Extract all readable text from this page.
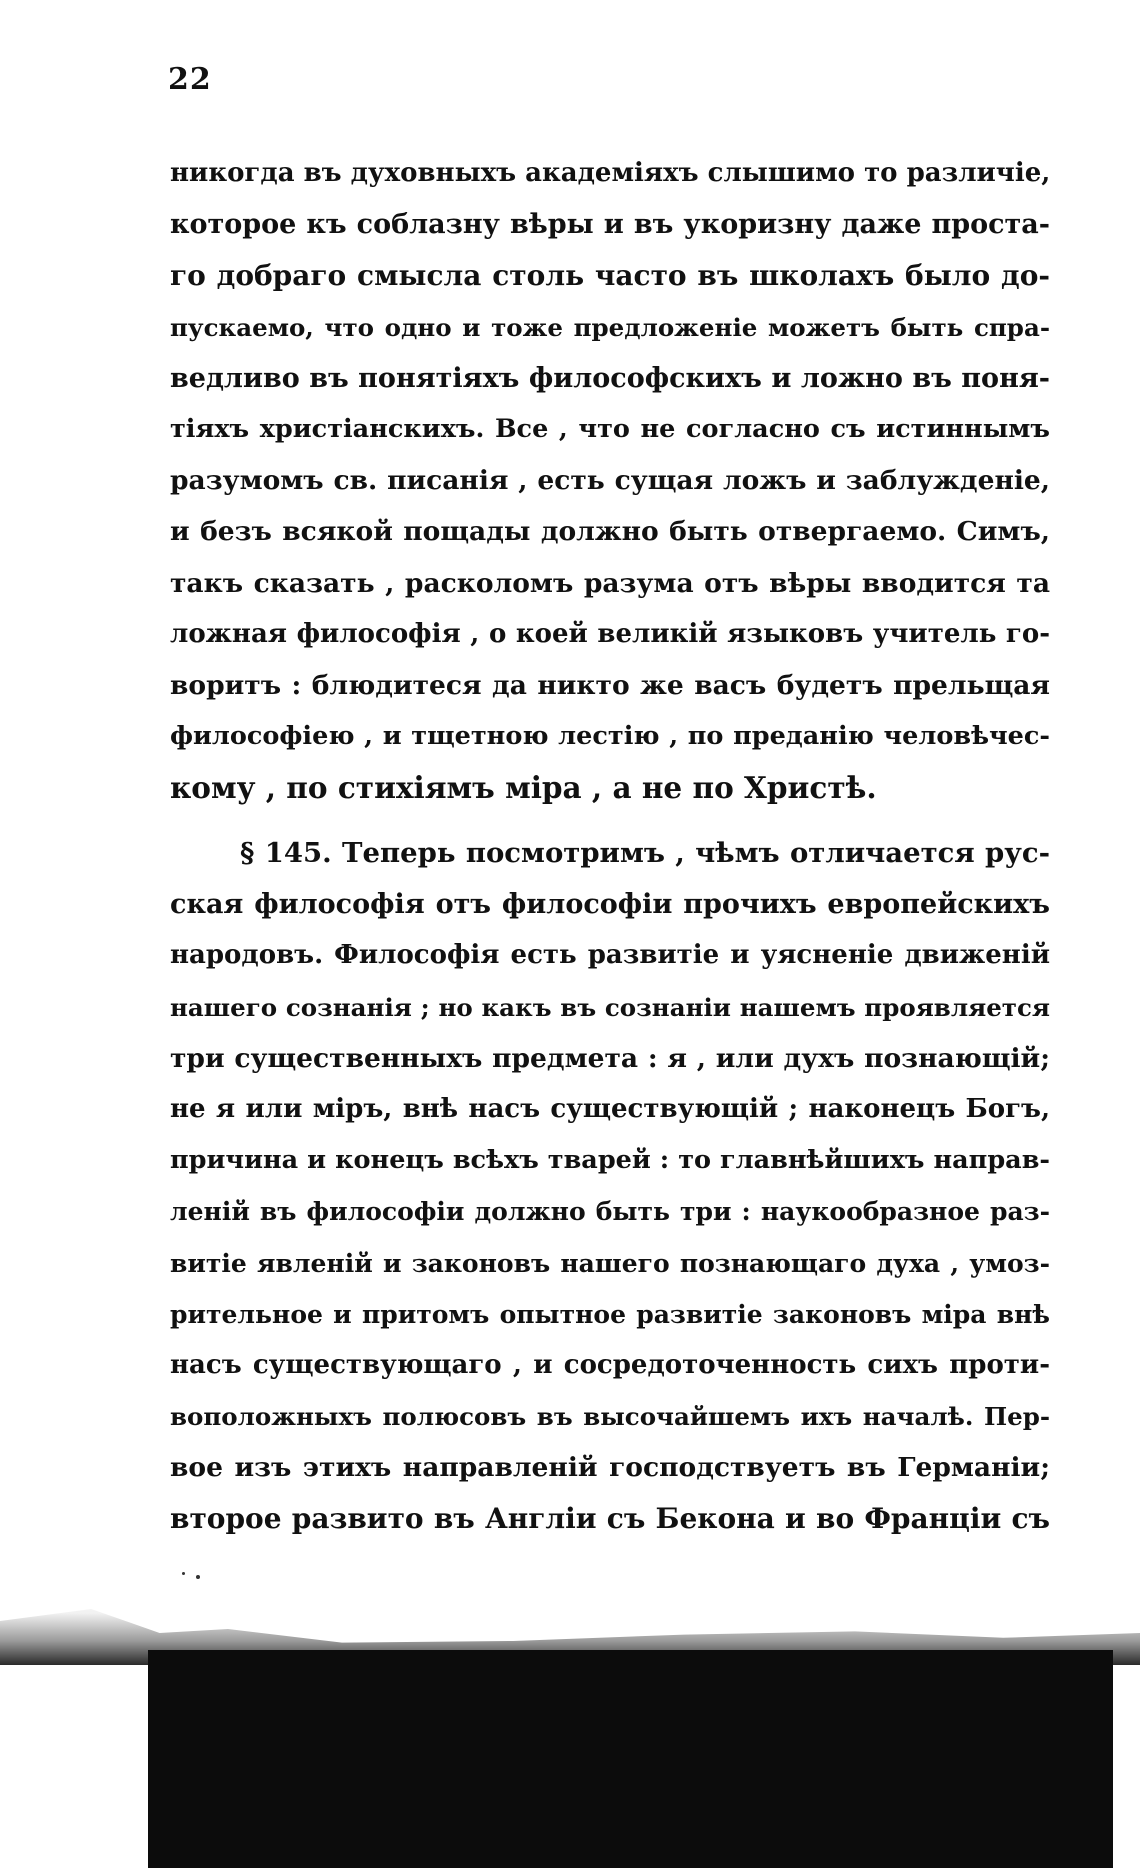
22
никогда въ духовныхъ академіяхъ слышимо то различіе,
которое къ соблазну вѣры и въ укоризну даже проста-
го добраго смысла столь часто въ школахъ было до-
пускаемо, что одно и тоже предложеніе можетъ быть спра-
ведливо въ понятіяхъ философскихъ и ложно въ поня-
тіяхъ христіанскихъ. Все , что не согласно съ истиннымъ
разумомъ св. писанія , есть сущая ложъ и заблужденіе,
и безъ всякой пощады должно быть отвергаемо. Симъ,
такъ сказать , расколомъ разума отъ вѣры вводится та
ложная философія , о коей великій языковъ учитель го-
воритъ : блюдитеся да никто же васъ будетъ прельщая
философіею , и тщетною лестію , по преданію человѣчес-
кому , по стихіямъ міра , а не по Христѣ.
§ 145. Теперь посмотримъ , чѣмъ отличается рус-
ская философія отъ философіи прочихъ европейскихъ
народовъ. Философія есть развитіе и уясненіе движеній
нашего сознанія ; но какъ въ сознаніи нашемъ проявляется
три существенныхъ предмета : я , или духъ познающій;
не я или міръ, внѣ насъ существующій ; наконецъ Богъ,
причина и конецъ всѣхъ тварей : то главнѣйшихъ направ-
леній въ философіи должно быть три : наукообразное раз-
витіе явленій и законовъ нашего познающаго духа , умоз-
рительное и притомъ опытное развитіе законовъ міра внѣ
насъ существующаго , и сосредоточенность сихъ проти-
воположныхъ полюсовъ въ высочайшемъ ихъ началѣ. Пер-
вое изъ этихъ направленій господствуетъ въ Германіи;
второе развито въ Англіи съ Бекона и во Франціи съ
